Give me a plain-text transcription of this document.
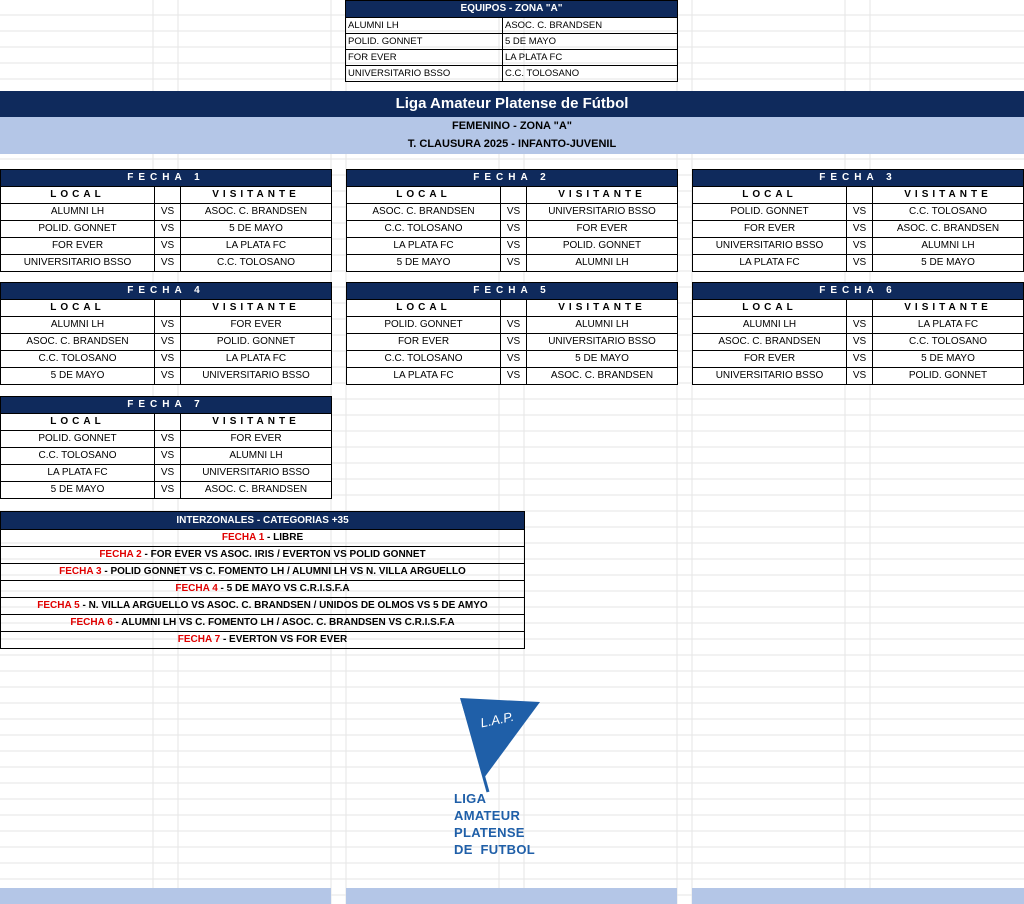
EQUIPOS - ZONA "A"
ALUMNI LH	ASOC. C. BRANDSEN
POLID. GONNET	5 DE MAYO
FOR EVER	LA PLATA FC
UNIVERSITARIO BSSO	C.C. TOLOSANO
Liga Amateur Platense de Fútbol
FEMENINO - ZONA "A"
T. CLAUSURA 2025 - INFANTO-JUVENIL
FECHA 1
LOCAL	VISITANTE
ALUMNI LH	VS	ASOC. C. BRANDSEN
POLID. GONNET	VS	5 DE MAYO
FOR EVER	VS	LA PLATA FC
UNIVERSITARIO BSSO	VS	C.C. TOLOSANO
FECHA 2
LOCAL	VISITANTE
ASOC. C. BRANDSEN	VS	UNIVERSITARIO BSSO
C.C. TOLOSANO	VS	FOR EVER
LA PLATA FC	VS	POLID. GONNET
5 DE MAYO	VS	ALUMNI LH
FECHA 3
LOCAL	VISITANTE
POLID. GONNET	VS	C.C. TOLOSANO
FOR EVER	VS	ASOC. C. BRANDSEN
UNIVERSITARIO BSSO	VS	ALUMNI LH
LA PLATA FC	VS	5 DE MAYO
FECHA 4
LOCAL	VISITANTE
ALUMNI LH	VS	FOR EVER
ASOC. C. BRANDSEN	VS	POLID. GONNET
C.C. TOLOSANO	VS	LA PLATA FC
5 DE MAYO	VS	UNIVERSITARIO BSSO
FECHA 5
LOCAL	VISITANTE
POLID. GONNET	VS	ALUMNI LH
FOR EVER	VS	UNIVERSITARIO BSSO
C.C. TOLOSANO	VS	5 DE MAYO
LA PLATA FC	VS	ASOC. C. BRANDSEN
FECHA 6
LOCAL	VISITANTE
ALUMNI LH	VS	LA PLATA FC
ASOC. C. BRANDSEN	VS	C.C. TOLOSANO
FOR EVER	VS	5 DE MAYO
UNIVERSITARIO BSSO	VS	POLID. GONNET
FECHA 7
LOCAL	VISITANTE
POLID. GONNET	VS	FOR EVER
C.C. TOLOSANO	VS	ALUMNI LH
LA PLATA FC	VS	UNIVERSITARIO BSSO
5 DE MAYO	VS	ASOC. C. BRANDSEN
INTERZONALES - CATEGORIAS +35
FECHA 1 - LIBRE
FECHA 2 - FOR EVER VS ASOC. IRIS / EVERTON VS POLID GONNET
FECHA 3 - POLID GONNET VS C. FOMENTO LH / ALUMNI LH VS N. VILLA ARGUELLO
FECHA 4 - 5 DE MAYO VS C.R.I.S.F.A
FECHA 5 - N. VILLA ARGUELLO VS ASOC. C. BRANDSEN / UNIDOS DE OLMOS VS 5 DE AMYO
FECHA 6 - ALUMNI LH VS C. FOMENTO LH / ASOC. C. BRANDSEN VS C.R.I.S.F.A
FECHA 7 - EVERTON VS FOR EVER
L.A.P.
LIGA
AMATEUR
PLATENSE
DE  FUTBOL
